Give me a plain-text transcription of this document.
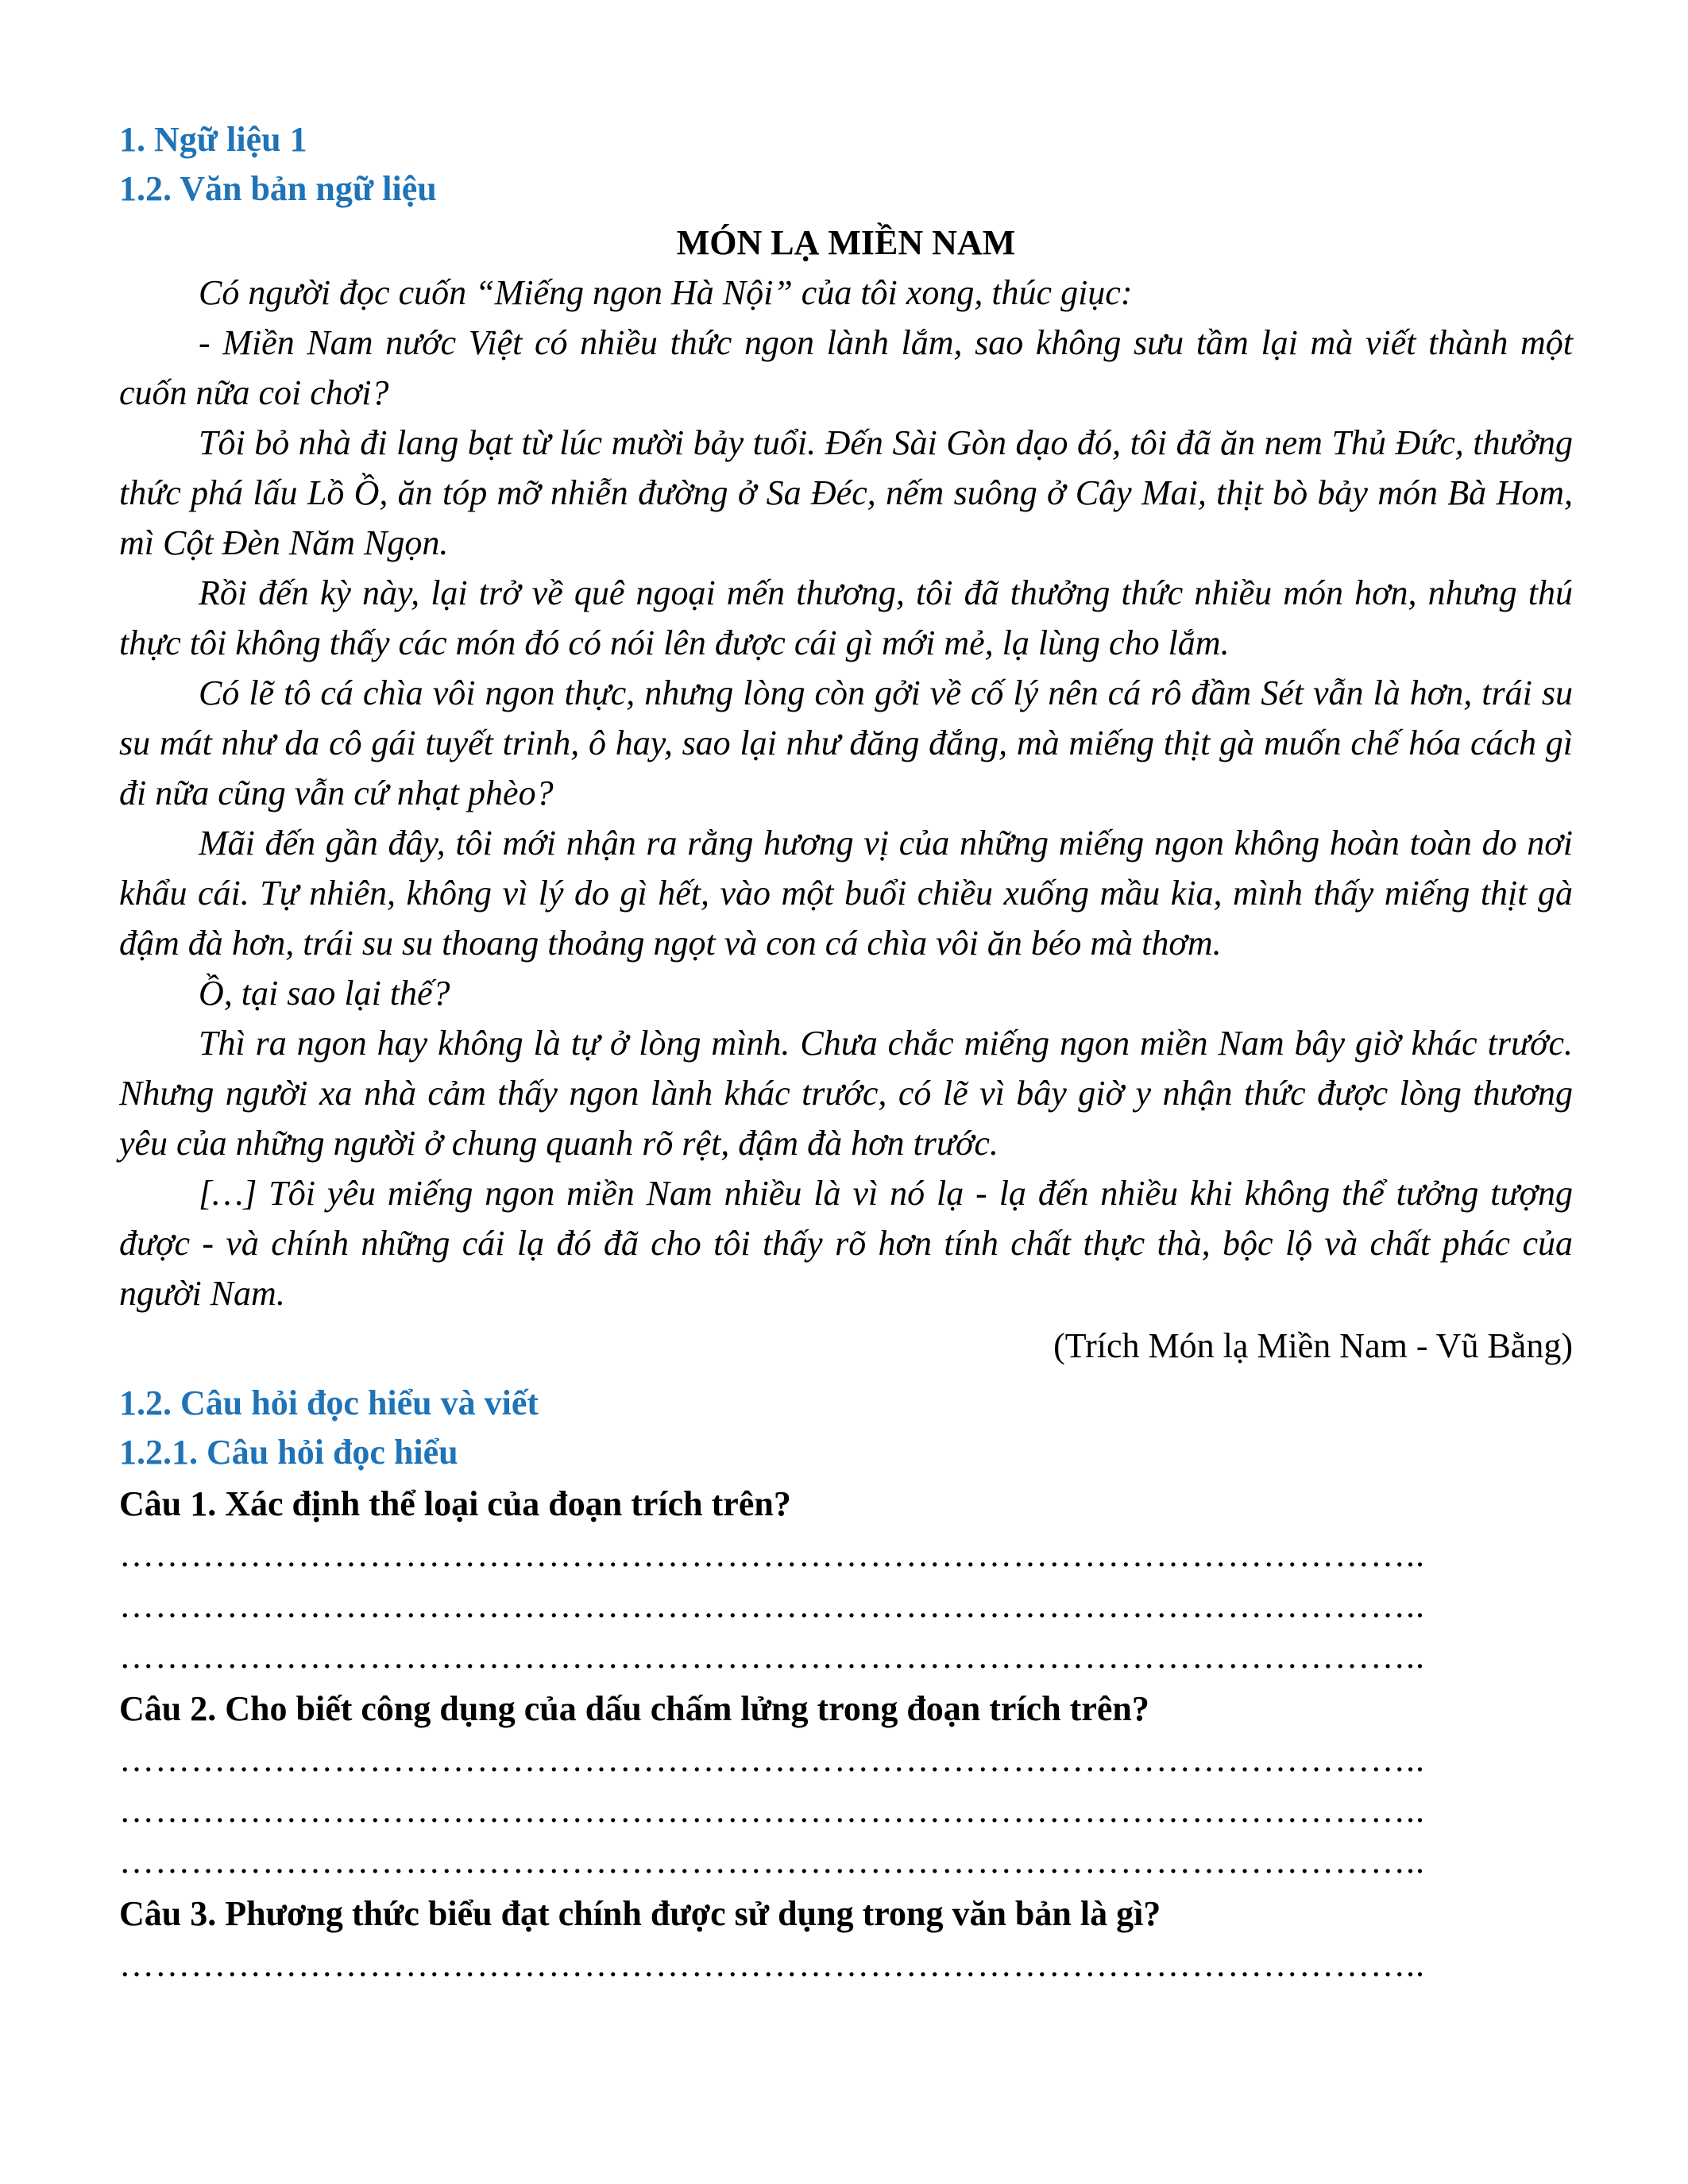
1. Ngữ liệu 1
1.2. Văn bản ngữ liệu
MÓN LẠ MIỀN NAM

Có người đọc cuốn “Miếng ngon Hà Nội” của tôi xong, thúc giục:

- Miền Nam nước Việt có nhiều thức ngon lành lắm, sao không sưu tầm lại mà viết thành một cuốn nữa coi chơi?

Tôi bỏ nhà đi lang bạt từ lúc mười bảy tuổi. Đến Sài Gòn dạo đó, tôi đã ăn nem Thủ Đức, thưởng thức phá lấu Lồ Ồ, ăn tóp mỡ nhiễn đường ở Sa Đéc, nếm suông ở Cây Mai, thịt bò bảy món Bà Hom, mì Cột Đèn Năm Ngọn.

Rồi đến kỳ này, lại trở về quê ngoại mến thương, tôi đã thưởng thức nhiều món hơn, nhưng thú thực tôi không thấy các món đó có nói lên được cái gì mới mẻ, lạ lùng cho lắm.

Có lẽ tô cá chìa vôi ngon thực, nhưng lòng còn gởi về cố lý nên cá rô đầm Sét vẫn là hơn, trái su su mát như da cô gái tuyết trinh, ô hay, sao lại như đăng đắng, mà miếng thịt gà muốn chế hóa cách gì đi nữa cũng vẫn cứ nhạt phèo?

Mãi đến gần đây, tôi mới nhận ra rằng hương vị của những miếng ngon không hoàn toàn do nơi khẩu cái. Tự nhiên, không vì lý do gì hết, vào một buổi chiều xuống mầu kia, mình thấy miếng thịt gà đậm đà hơn, trái su su thoang thoảng ngọt và con cá chìa vôi ăn béo mà thơm.

Ồ, tại sao lại thế?

Thì ra ngon hay không là tự ở lòng mình. Chưa chắc miếng ngon miền Nam bây giờ khác trước. Nhưng người xa nhà cảm thấy ngon lành khác trước, có lẽ vì bây giờ y nhận thức được lòng thương yêu của những người ở chung quanh rõ rệt, đậm đà hơn trước.

[…] Tôi yêu miếng ngon miền Nam nhiều là vì nó lạ - lạ đến nhiều khi không thể tưởng tượng được - và chính những cái lạ đó đã cho tôi thấy rõ hơn tính chất thực thà, bộc lộ và chất phác của người Nam.

(Trích Món lạ Miền Nam - Vũ Bằng)
1.2. Câu hỏi đọc hiểu và viết
1.2.1. Câu hỏi đọc hiểu
Câu 1. Xác định thể loại của đoạn trích trên?
………………………………………………………………………………………………..
………………………………………………………………………………………………..
………………………………………………………………………………………………..
Câu 2. Cho biết công dụng của dấu chấm lửng trong đoạn trích trên?
………………………………………………………………………………………………..
………………………………………………………………………………………………..
………………………………………………………………………………………………..
Câu 3. Phương thức biểu đạt chính được sử dụng trong văn bản là gì?
………………………………………………………………………………………………..
